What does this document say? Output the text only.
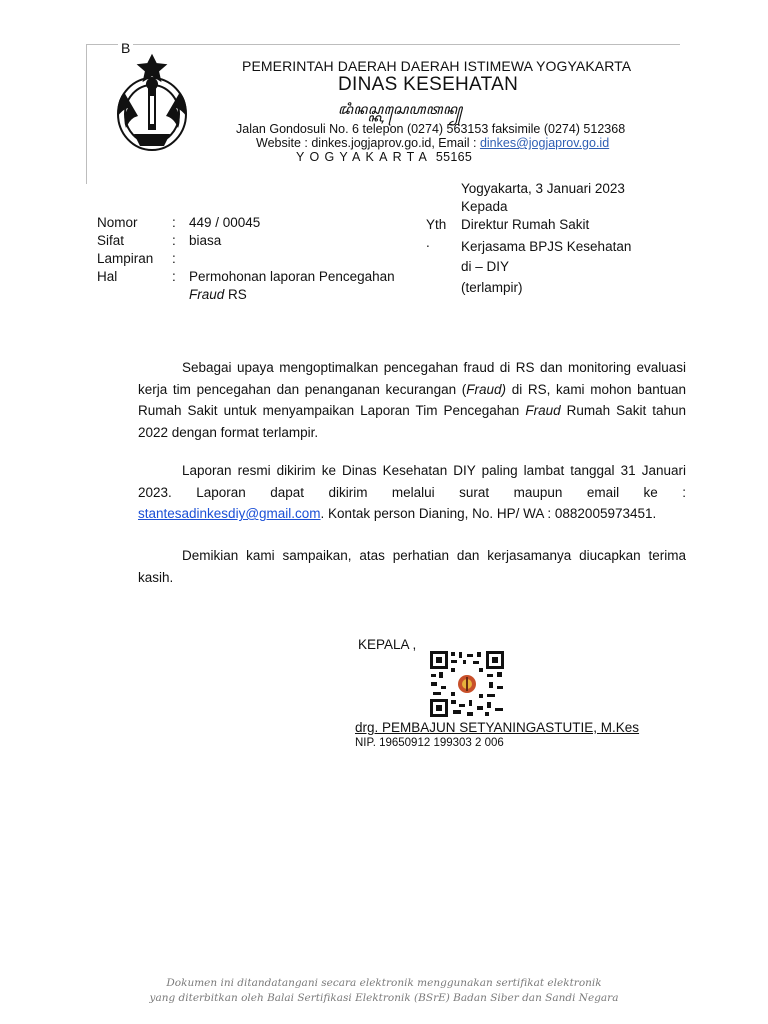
B
PEMERINTAH DAERAH DAERAH ISTIMEWA YOGYAKARTA
DINAS KESEHATAN
ꦢꦶꦤꦱ꧀ꦏꦱꦺꦲꦠꦤ꧀
Jalan Gondosuli No. 6 telepon (0274) 563153 faksimile (0274) 512368
Website : dinkes.jogjaprov.go.id, Email : dinkes@jogjaprov.go.id
YOGYAKARTA 55165
Yogyakarta, 3 Januari 2023
Kepada
Yth
.
Direktur Rumah Sakit
Kerjasama BPJS Kesehatan
di – DIY
(terlampir)
Nomor	: 449 / 00045
Sifat	: biasa
Lampiran :
Hal	: Permohonan laporan Pencegahan
Fraud RS
Sebagai upaya mengoptimalkan pencegahan fraud di RS dan monitoring evaluasi kerja tim pencegahan dan penanganan kecurangan (Fraud) di RS, kami mohon bantuan Rumah Sakit untuk menyampaikan Laporan Tim Pencegahan Fraud Rumah Sakit tahun 2022 dengan format terlampir.
Laporan resmi dikirim ke Dinas Kesehatan DIY paling lambat tanggal 31 Januari 2023. Laporan dapat dikirim melalui surat maupun email ke : stantesadinkesdiy@gmail.com. Kontak person Dianing, No. HP/ WA : 0882005973451.
Demikian kami sampaikan, atas perhatian dan kerjasamanya diucapkan terima kasih.
KEPALA ,
drg. PEMBAJUN SETYANINGASTUTIE, M.Kes
NIP. 19650912 199303 2 006
Dokumen ini ditandatangani secara elektronik menggunakan sertifikat elektronik
yang diterbitkan oleh Balai Sertifikasi Elektronik (BSrE) Badan Siber dan Sandi Negara
